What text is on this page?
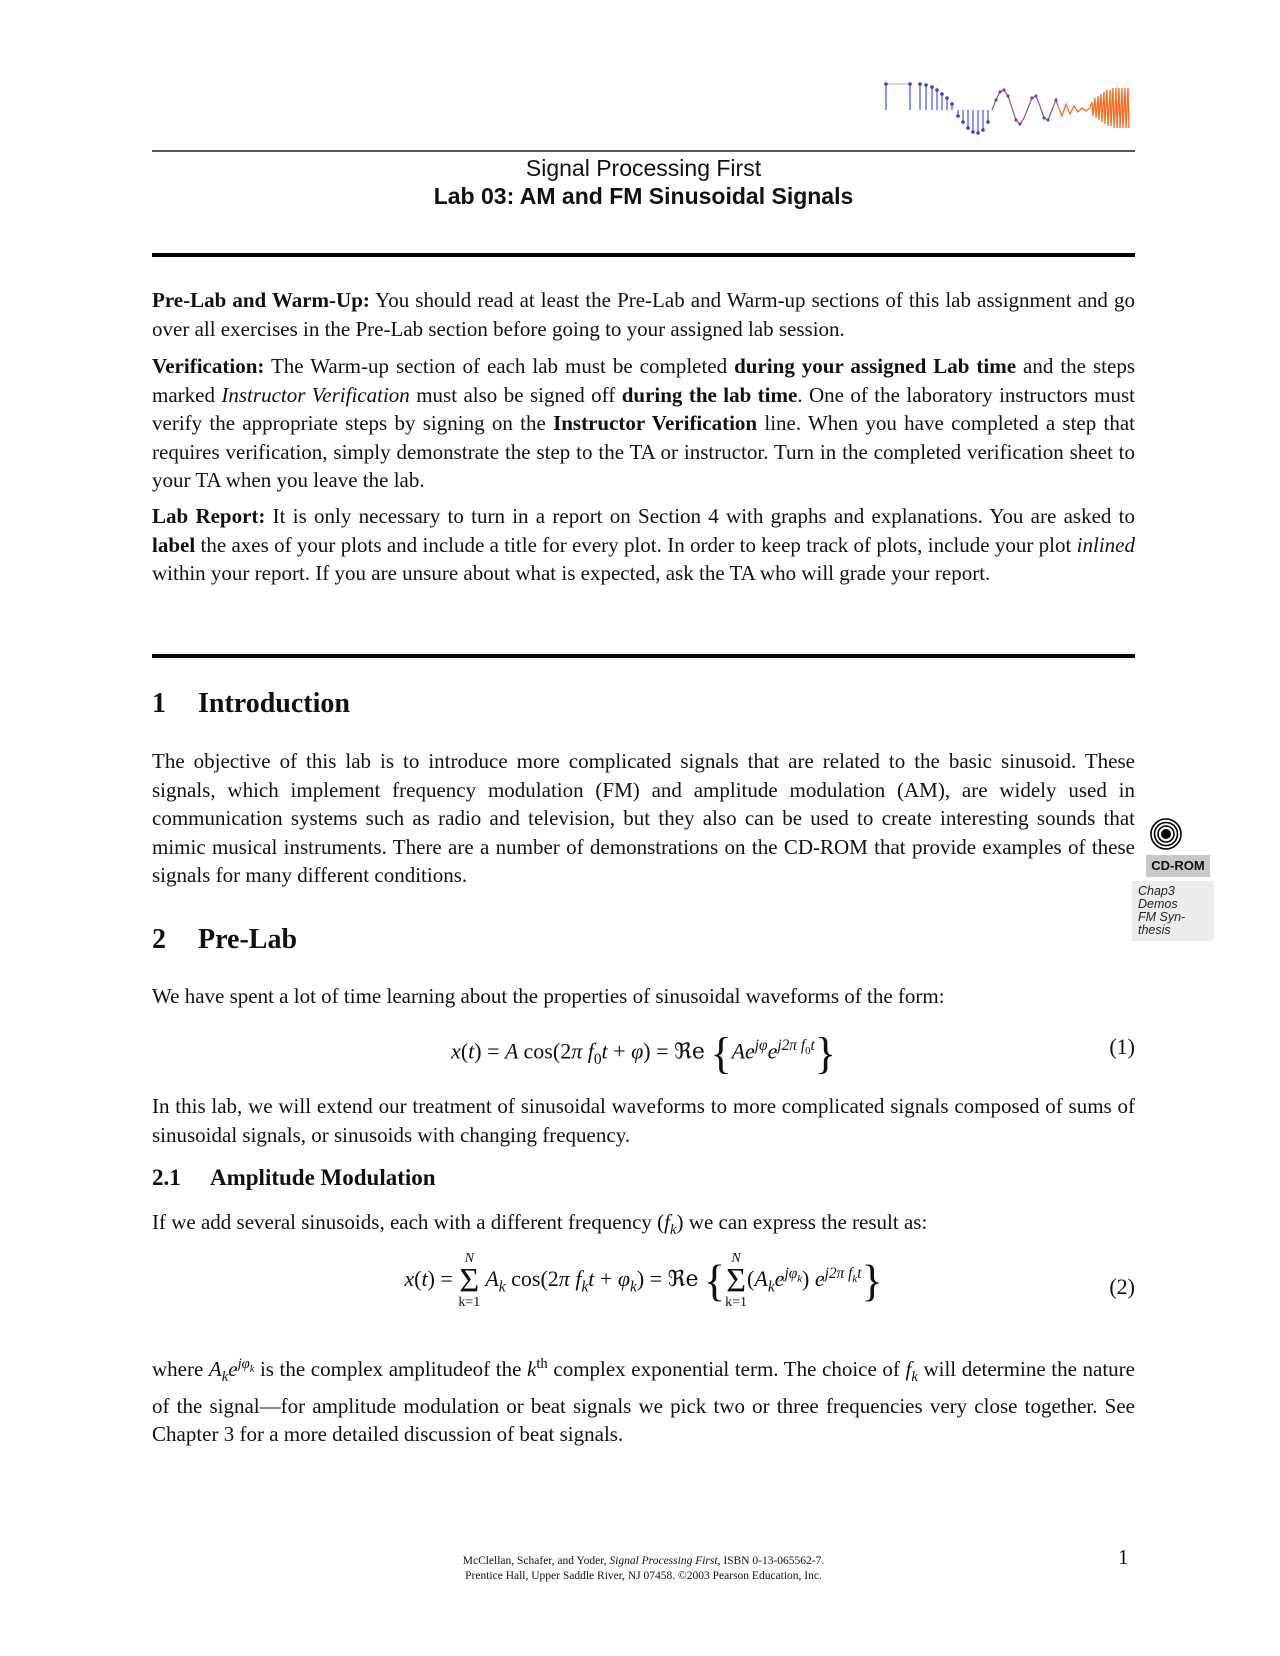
Signal Processing First
Lab 03: AM and FM Sinusoidal Signals
Pre-Lab and Warm-Up: You should read at least the Pre-Lab and Warm-up sections of this lab assignment and go over all exercises in the Pre-Lab section before going to your assigned lab session.
Verification: The Warm-up section of each lab must be completed during your assigned Lab time and the steps marked Instructor Verification must also be signed off during the lab time. One of the laboratory instructors must verify the appropriate steps by signing on the Instructor Verification line. When you have completed a step that requires verification, simply demonstrate the step to the TA or instructor. Turn in the completed verification sheet to your TA when you leave the lab.
Lab Report: It is only necessary to turn in a report on Section 4 with graphs and explanations. You are asked to label the axes of your plots and include a title for every plot. In order to keep track of plots, include your plot inlined within your report. If you are unsure about what is expected, ask the TA who will grade your report.
1 Introduction
The objective of this lab is to introduce more complicated signals that are related to the basic sinusoid. These signals, which implement frequency modulation (FM) and amplitude modulation (AM), are widely used in communication systems such as radio and television, but they also can be used to create interesting sounds that mimic musical instruments. There are a number of demonstrations on the CD-ROM that provide examples of these signals for many different conditions.	CD-ROM
Chap3
Demos
FM Syn-
thesis
2 Pre-Lab
We have spent a lot of time learning about the properties of sinusoidal waveforms of the form:
x(t) = A cos(2π $f_0t + \varphi$) = ℜe $\{Ae^{j\varphi}e^{j2\pi f_0t}\}$	(1)
In this lab, we will extend our treatment of sinusoidal waveforms to more complicated signals composed of sums of sinusoidal signals, or sinusoids with changing frequency.
2.1 Amplitude Modulation
If we add several sinusoids, each with a different frequency $(f_k)$ we can express the result as:
x(t) =
N
Σ
k=1
$A_k$ cos(2π $f_kt + \varphi_k$) = ℜe { N
Σ
k=1
$(A_ke^{j\varphi_k})$ $e^{j2\pi f_kt}$}	(2)
where $A_ke^{j\varphi_k}$ is the complex amplitudeof the $k^{th}$ complex exponential term. The choice of $f_k$ will determine the nature of the signal—for amplitude modulation or beat signals we pick two or three frequencies very close together. See Chapter 3 for a more detailed discussion of beat signals.
McClellan, Schafer, and Yoder, Signal Processing First, ISBN 0-13-065562-7.
Prentice Hall, Upper Saddle River, NJ 07458. ©2003 Pearson Education, Inc.
1
